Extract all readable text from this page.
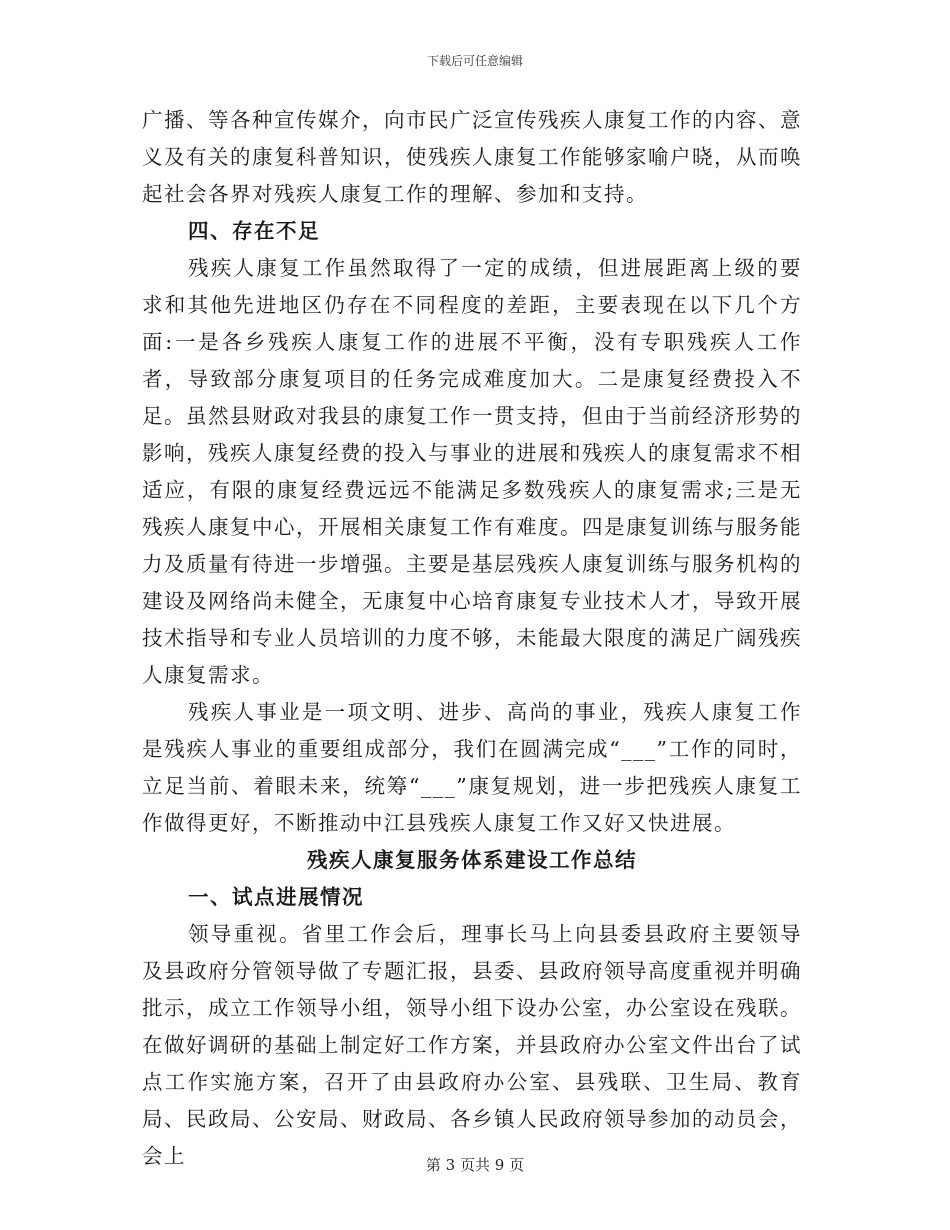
下载后可任意编辑

广播、等各种宣传媒介，向市民广泛宣传残疾人康复工作的内容、意义及有关的康复科普知识，使残疾人康复工作能够家喻户晓，从而唤起社会各界对残疾人康复工作的理解、参加和支持。

四、存在不足

残疾人康复工作虽然取得了一定的成绩，但进展距离上级的要求和其他先进地区仍存在不同程度的差距，主要表现在以下几个方面:一是各乡残疾人康复工作的进展不平衡，没有专职残疾人工作者，导致部分康复项目的任务完成难度加大。二是康复经费投入不足。虽然县财政对我县的康复工作一贯支持，但由于当前经济形势的影响，残疾人康复经费的投入与事业的进展和残疾人的康复需求不相适应，有限的康复经费远远不能满足多数残疾人的康复需求;三是无残疾人康复中心，开展相关康复工作有难度。四是康复训练与服务能力及质量有待进一步增强。主要是基层残疾人康复训练与服务机构的建设及网络尚未健全，无康复中心培育康复专业技术人才，导致开展技术指导和专业人员培训的力度不够，未能最大限度的满足广阔残疾人康复需求。

残疾人事业是一项文明、进步、高尚的事业，残疾人康复工作是残疾人事业的重要组成部分，我们在圆满完成“___”工作的同时，立足当前、着眼未来，统筹“___”康复规划，进一步把残疾人康复工作做得更好，不断推动中江县残疾人康复工作又好又快进展。

残疾人康复服务体系建设工作总结

一、试点进展情况

领导重视。省里工作会后，理事长马上向县委县政府主要领导及县政府分管领导做了专题汇报，县委、县政府领导高度重视并明确批示，成立工作领导小组，领导小组下设办公室，办公室设在残联。在做好调研的基础上制定好工作方案，并县政府办公室文件出台了试点工作实施方案，召开了由县政府办公室、县残联、卫生局、教育局、民政局、公安局、财政局、各乡镇人民政府领导参加的动员会，会上	第 3 页共 9 页
